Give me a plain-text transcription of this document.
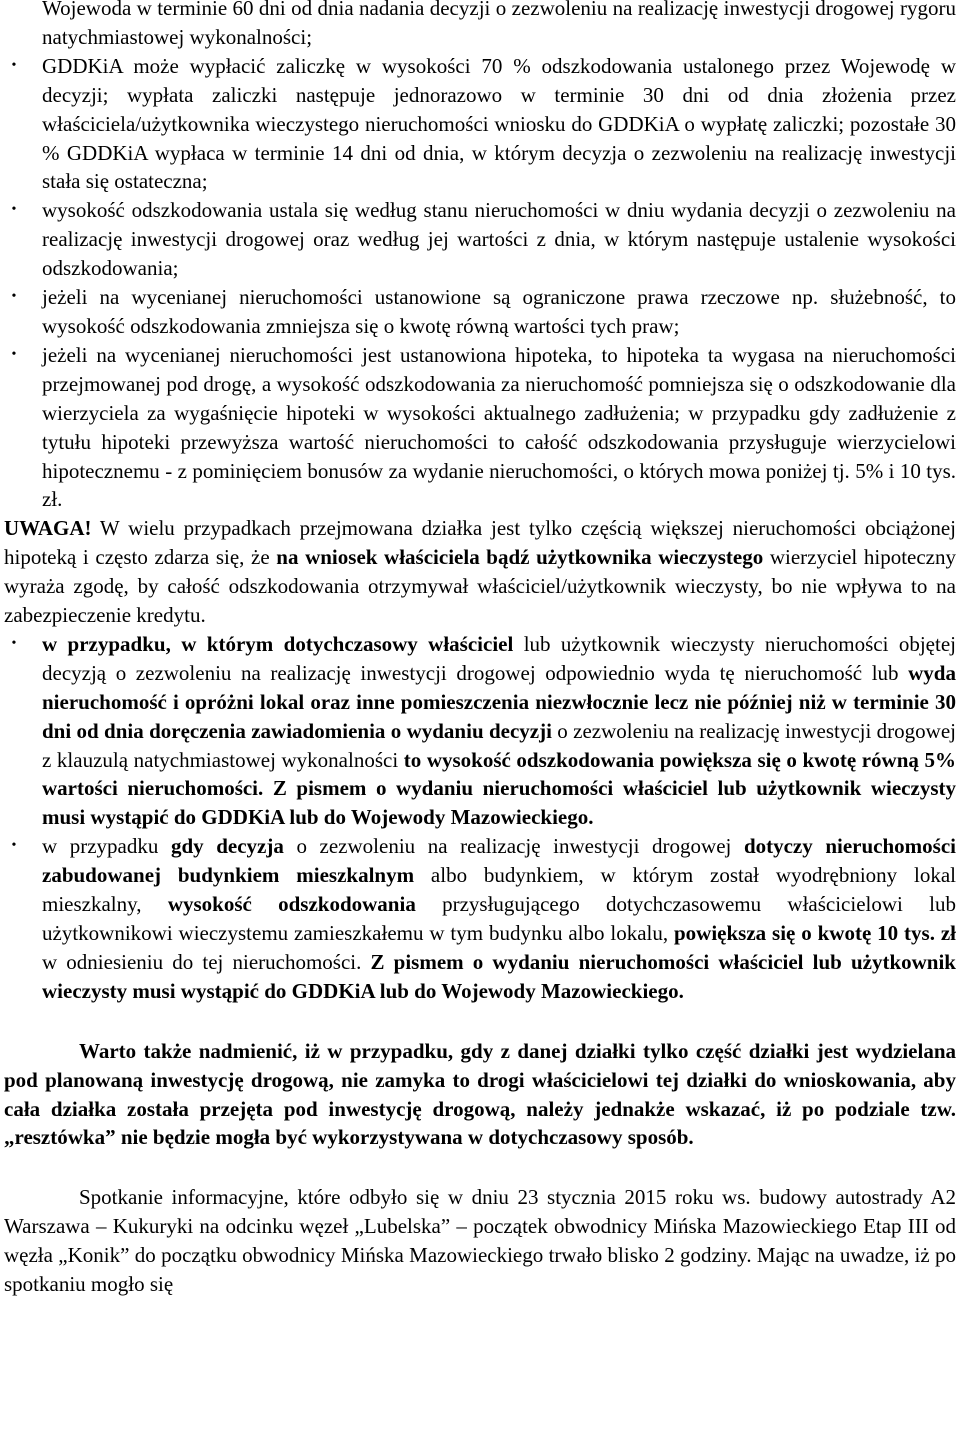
Wojewoda w terminie 60 dni od dnia nadania decyzji o zezwoleniu na realizację inwestycji drogowej rygoru natychmiastowej wykonalności;

•	GDDKiA może wypłacić zaliczkę w wysokości 70 % odszkodowania ustalonego przez Wojewodę w decyzji; wypłata zaliczki następuje jednorazowo w terminie 30 dni od dnia złożenia przez właściciela/użytkownika wieczystego nieruchomości wniosku do GDDKiA o wypłatę zaliczki; pozostałe 30 % GDDKiA wypłaca w terminie 14 dni od dnia, w którym decyzja o zezwoleniu na realizację inwestycji stała się ostateczna;
•	wysokość odszkodowania ustala się według stanu nieruchomości w dniu wydania decyzji o zezwoleniu na realizację inwestycji drogowej oraz według jej wartości z dnia, w którym następuje ustalenie wysokości odszkodowania;
•	jeżeli na wycenianej nieruchomości ustanowione są ograniczone prawa rzeczowe np. służebność, to wysokość odszkodowania zmniejsza się o kwotę równą wartości tych praw;
•	jeżeli na wycenianej nieruchomości jest ustanowiona hipoteka, to hipoteka ta wygasa na nieruchomości przejmowanej pod drogę, a wysokość odszkodowania za nieruchomość pomniejsza się o odszkodowanie dla wierzyciela za wygaśnięcie hipoteki w wysokości aktualnego zadłużenia; w przypadku gdy zadłużenie z tytułu hipoteki przewyższa wartość nieruchomości to całość odszkodowania przysługuje wierzycielowi hipotecznemu - z pominięciem bonusów za wydanie nieruchomości, o których mowa poniżej tj. 5% i 10 tys. zł.

UWAGA! W wielu przypadkach przejmowana działka jest tylko częścią większej nieruchomości obciążonej hipoteką i często zdarza się, że na wniosek właściciela bądź użytkownika wieczystego wierzyciel hipoteczny wyraża zgodę, by całość odszkodowania otrzymywał właściciel/użytkownik wieczysty, bo nie wpływa to na zabezpieczenie kredytu.

•	w przypadku, w którym dotychczasowy właściciel lub użytkownik wieczysty nieruchomości objętej decyzją o zezwoleniu na realizację inwestycji drogowej odpowiednio wyda tę nieruchomość lub wyda nieruchomość i opróżni lokal oraz inne pomieszczenia niezwłocznie lecz nie później niż w terminie 30 dni od dnia doręczenia zawiadomienia o wydaniu decyzji o zezwoleniu na realizację inwestycji drogowej z klauzulą natychmiastowej wykonalności to wysokość odszkodowania powiększa się o kwotę równą 5% wartości nieruchomości. Z pismem o wydaniu nieruchomości właściciel lub użytkownik wieczysty musi wystąpić do GDDKiA lub do Wojewody Mazowieckiego.
•	w przypadku gdy decyzja o zezwoleniu na realizację inwestycji drogowej dotyczy nieruchomości zabudowanej budynkiem mieszkalnym albo budynkiem, w którym został wyodrębniony lokal mieszkalny, wysokość odszkodowania przysługującego dotychczasowemu właścicielowi lub użytkownikowi wieczystemu zamieszkałemu w tym budynku albo lokalu, powiększa się o kwotę 10 tys. zł w odniesieniu do tej nieruchomości. Z pismem o wydaniu nieruchomości właściciel lub użytkownik wieczysty musi wystąpić do GDDKiA lub do Wojewody Mazowieckiego.

Warto także nadmienić, iż w przypadku, gdy z danej działki tylko część działki jest wydzielana pod planowaną inwestycję drogową, nie zamyka to drogi właścicielowi tej działki do wnioskowania, aby cała działka została przejęta pod inwestycję drogową, należy jednakże wskazać, iż po podziale tzw. „resztówka” nie będzie mogła być wykorzystywana w dotychczasowy sposób.

Spotkanie informacyjne, które odbyło się w dniu 23 stycznia 2015 roku ws. budowy autostrady A2 Warszawa – Kukuryki na odcinku węzeł „Lubelska” – początek obwodnicy Mińska Mazowieckiego Etap III od węzła „Konik” do początku obwodnicy Mińska Mazowieckiego trwało blisko 2 godziny. Mając na uwadze, iż po spotkaniu mogło się
